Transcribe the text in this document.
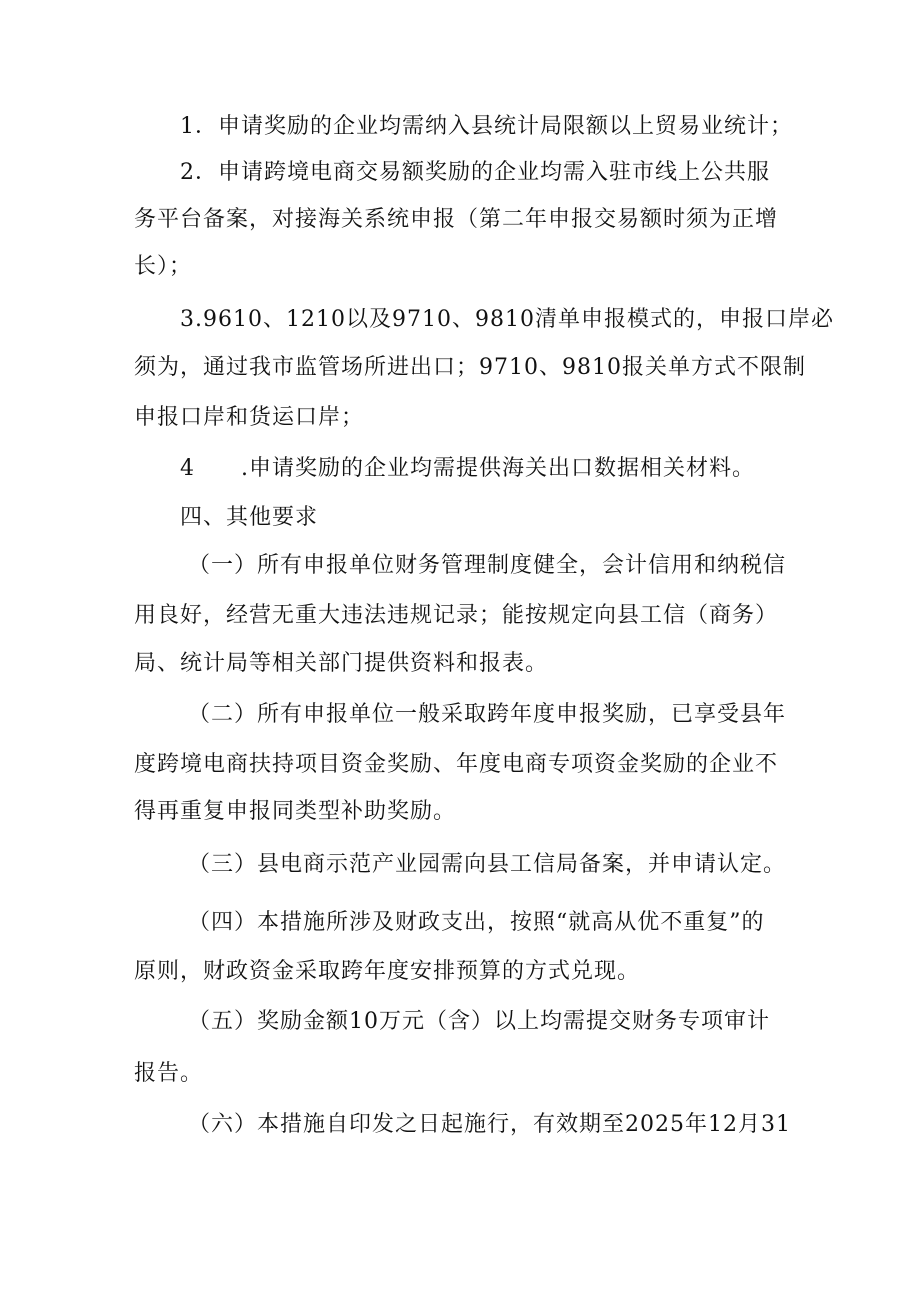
1．申请奖励的企业均需纳入县统计局限额以上贸易业统计；
2．申请跨境电商交易额奖励的企业均需入驻市线上公共服
务平台备案，对接海关系统申报（第二年申报交易额时须为正增
长）；
3.9610、1210以及9710、9810清单申报模式的，申报口岸必
须为，通过我市监管场所进出口；9710、9810报关单方式不限制
申报口岸和货运口岸；
4　　.申请奖励的企业均需提供海关出口数据相关材料。
四、其他要求
（一）所有申报单位财务管理制度健全，会计信用和纳税信
用良好，经营无重大违法违规记录；能按规定向县工信（商务）
局、统计局等相关部门提供资料和报表。
（二）所有申报单位一般采取跨年度申报奖励，已享受县年
度跨境电商扶持项目资金奖励、年度电商专项资金奖励的企业不
得再重复申报同类型补助奖励。
（三）县电商示范产业园需向县工信局备案，并申请认定。
（四）本措施所涉及财政支出，按照“就高从优不重复”的
原则，财政资金采取跨年度安排预算的方式兑现。
（五）奖励金额10万元（含）以上均需提交财务专项审计
报告。
（六）本措施自印发之日起施行，有效期至2025年12月31
